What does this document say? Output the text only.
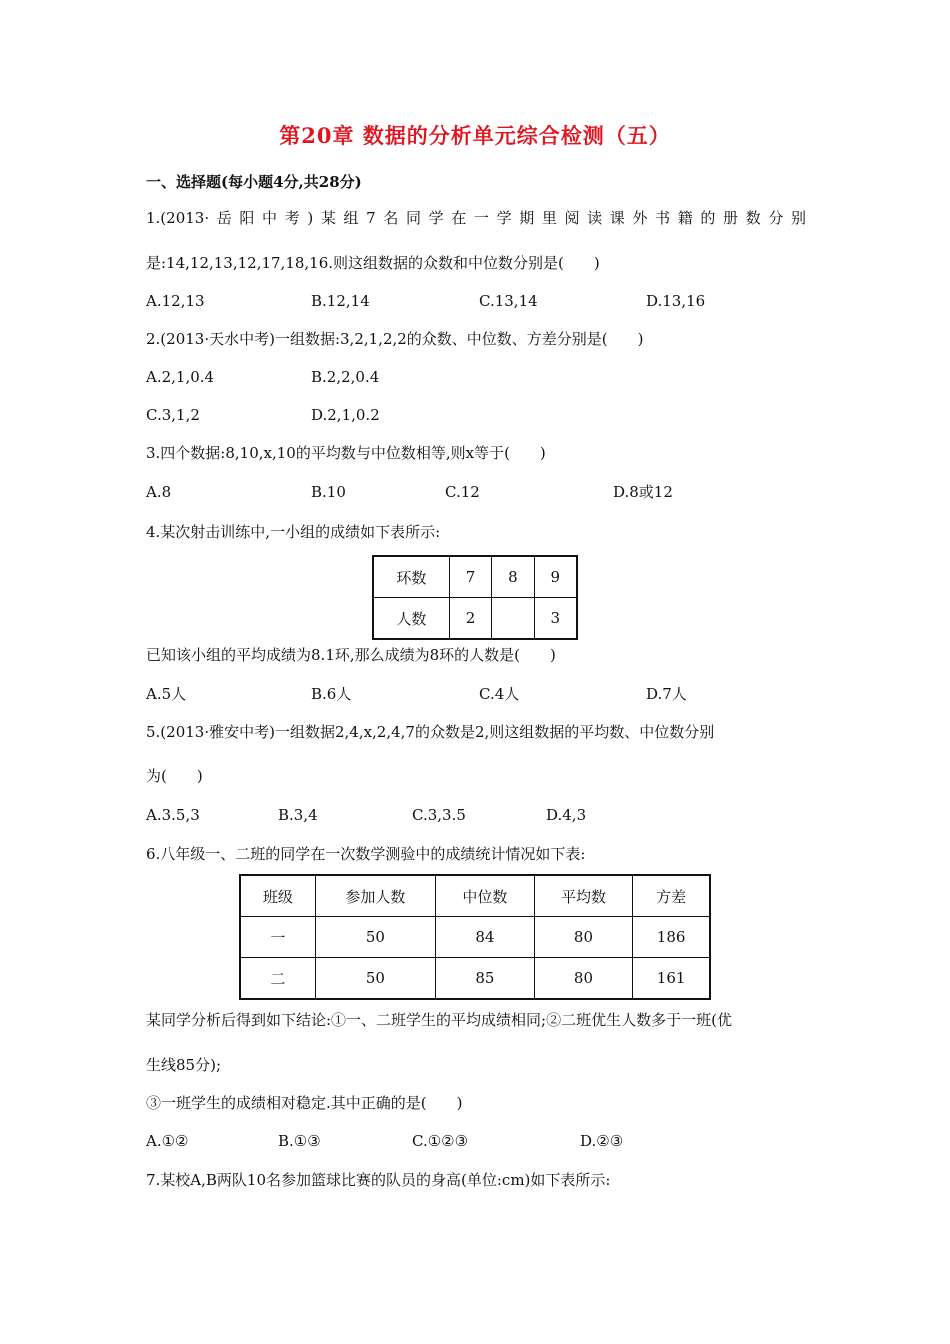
第20章 数据的分析单元综合检测（五）
一、选择题(每小题4分,共28分)
1.(2013·岳阳中考)某组7名同学在一学期里阅读课外书籍的册数分别
是:14,12,13,12,17,18,16.则这组数据的众数和中位数分别是(　　)
A.12,13	B.12,14	C.13,14	D.13,16
2.(2013·天水中考)一组数据:3,2,1,2,2的众数、中位数、方差分别是(　　)
A.2,1,0.4	B.2,2,0.4
C.3,1,2	D.2,1,0.2
3.四个数据:8,10,x,10的平均数与中位数相等,则x等于(　　)
A.8	B.10	C.12	D.8或12
4.某次射击训练中,一小组的成绩如下表所示:
环数	7	8	9
人数	2		3
已知该小组的平均成绩为8.1环,那么成绩为8环的人数是(　　)
A.5人	B.6人	C.4人	D.7人
5.(2013·雅安中考)一组数据2,4,x,2,4,7的众数是2,则这组数据的平均数、中位数分别
为(　　)
A.3.5,3	B.3,4	C.3,3.5	D.4,3
6.八年级一、二班的同学在一次数学测验中的成绩统计情况如下表:
班级	参加人数	中位数	平均数	方差
一	50	84	80	186
二	50	85	80	161
某同学分析后得到如下结论:①一、二班学生的平均成绩相同;②二班优生人数多于一班(优
生线85分);
③一班学生的成绩相对稳定.其中正确的是(　　)
A.①②	B.①③	C.①②③	D.②③
7.某校A,B两队10名参加篮球比赛的队员的身高(单位:cm)如下表所示:
